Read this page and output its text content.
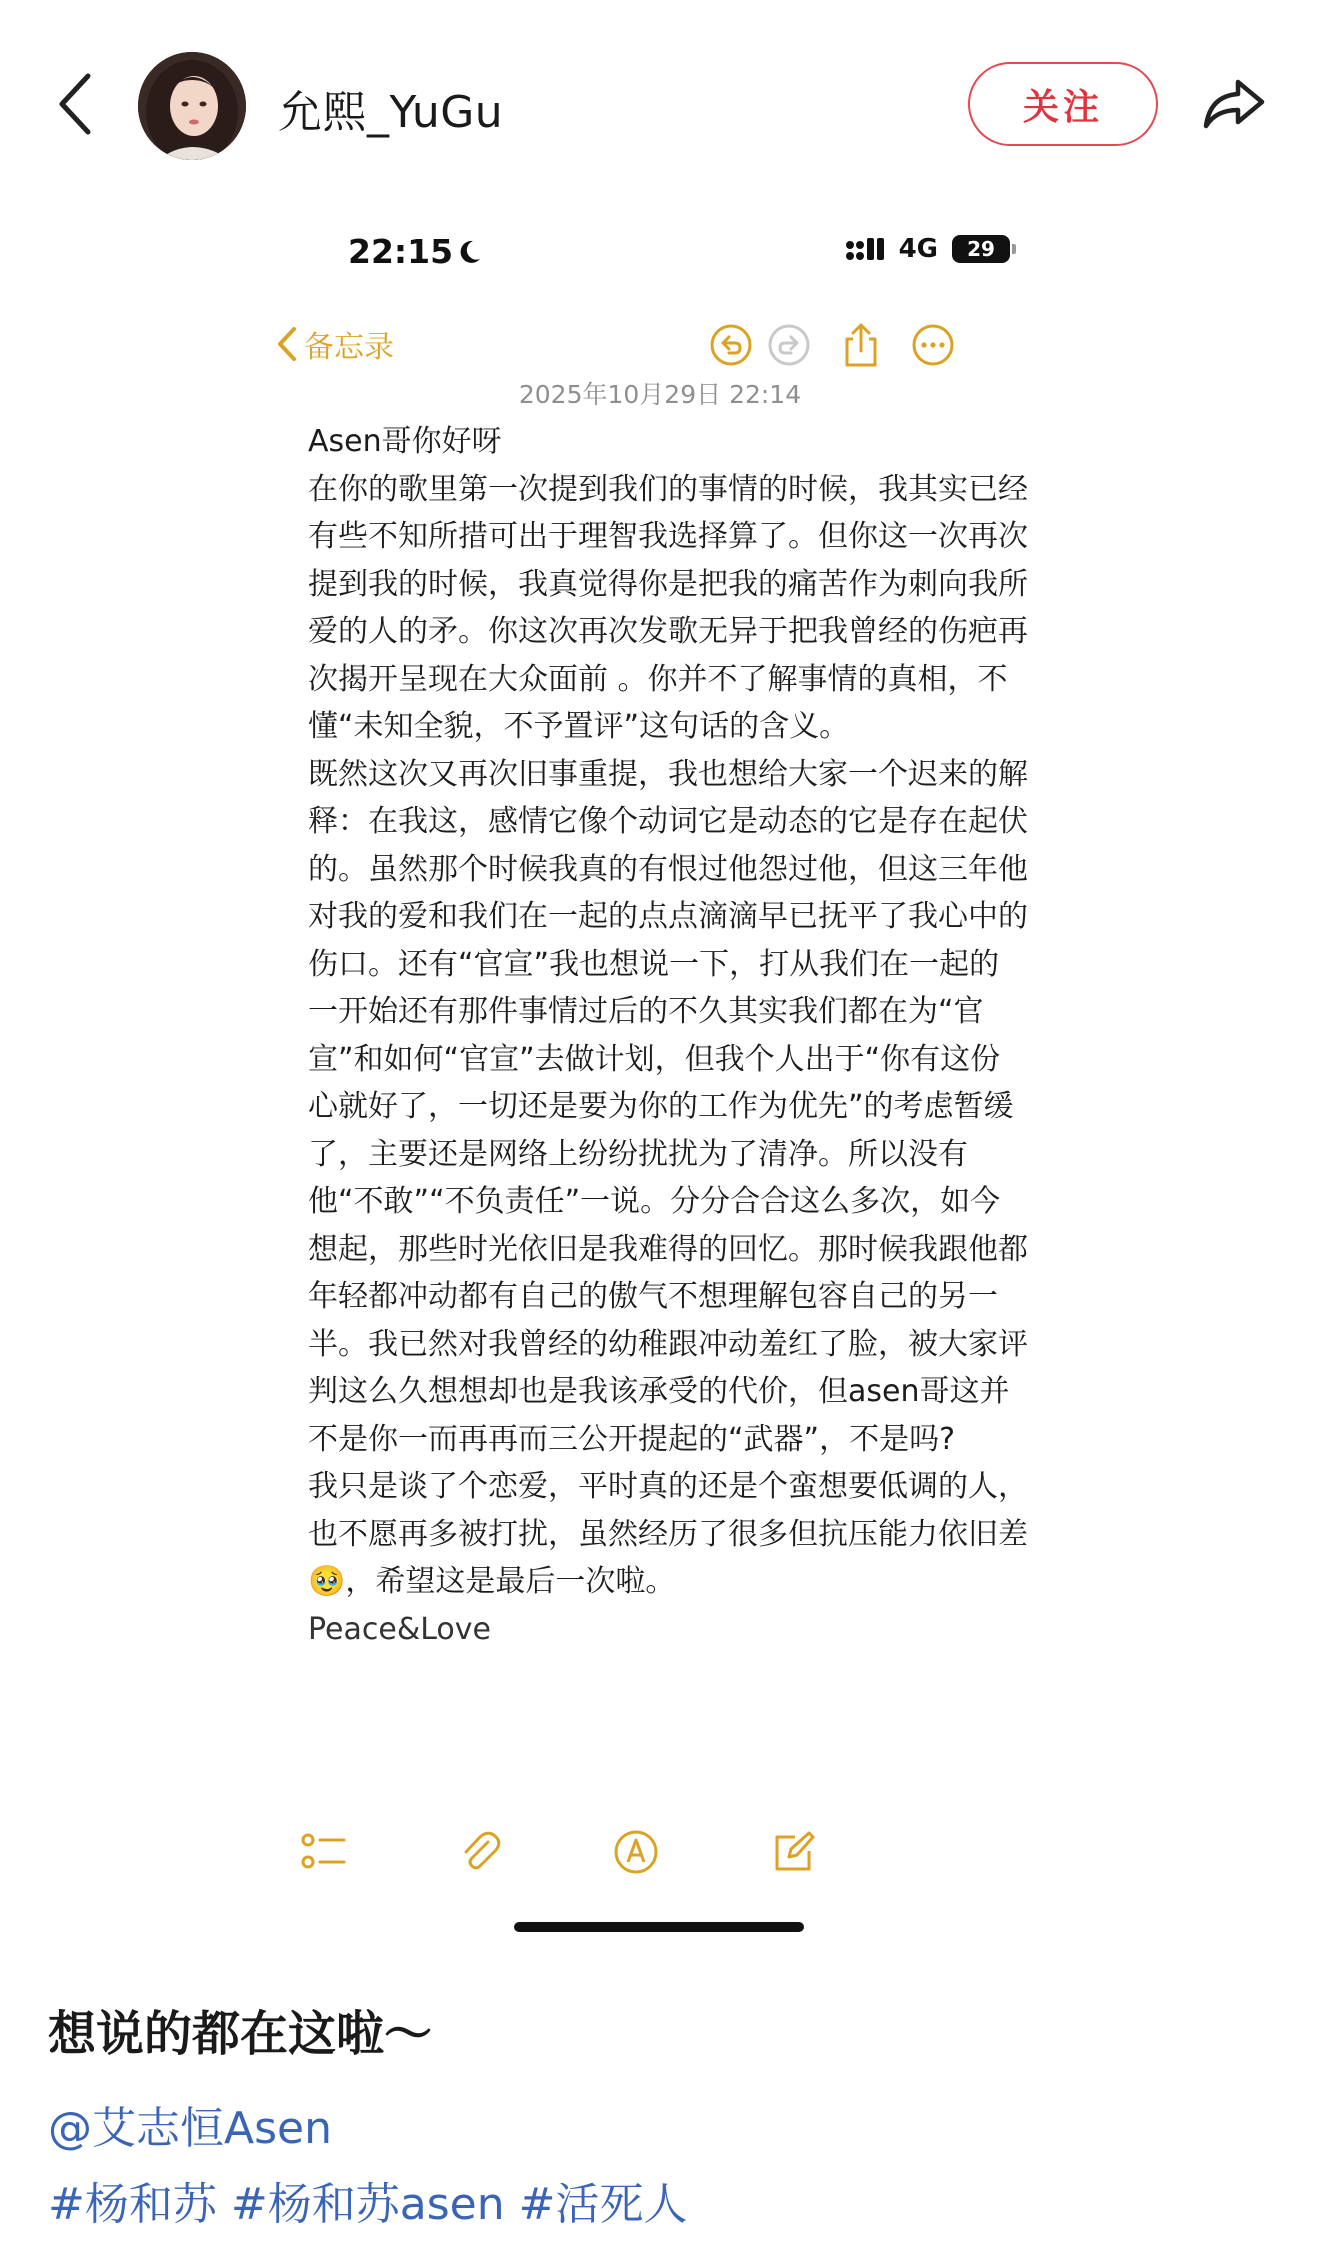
允熙_YuGu	关注
22:15	4G	29
备忘录
2025年10月29日 22:14

Asen哥你好呀

在你的歌里第一次提到我们的事情的时候，我其实已经有些不知所措可出于理智我选择算了。但你这一次再次提到我的时候，我真觉得你是把我的痛苦作为刺向我所爱的人的矛。你这次再次发歌无异于把我曾经的伤疤再次揭开呈现在大众面前 。你并不了解事情的真相，不懂“未知全貌，不予置评”这句话的含义。

既然这次又再次旧事重提，我也想给大家一个迟来的解释：在我这，感情它像个动词它是动态的它是存在起伏的。虽然那个时候我真的有恨过他怨过他，但这三年他对我的爱和我们在一起的点点滴滴早已抚平了我心中的伤口。还有“官宣”我也想说一下，打从我们在一起的一开始还有那件事情过后的不久其实我们都在为“官宣”和如何“官宣”去做计划，但我个人出于“你有这份心就好了，一切还是要为你的工作为优先”的考虑暂缓了，主要还是网络上纷纷扰扰为了清净。所以没有他“不敢”“不负责任”一说。分分合合这么多次，如今想起，那些时光依旧是我难得的回忆。那时候我跟他都年轻都冲动都有自己的傲气不想理解包容自己的另一半。我已然对我曾经的幼稚跟冲动羞红了脸，被大家评判这么久想想却也是我该承受的代价，但asen哥这并不是你一而再再而三公开提起的“武器”，不是吗?

我只是谈了个恋爱，平时真的还是个蛮想要低调的人，也不愿再多被打扰，虽然经历了很多但抗压能力依旧差🥹，希望这是最后一次啦。

Peace&Love

想说的都在这啦～
@艾志恒Asen
#杨和苏 #杨和苏asen #活死人
